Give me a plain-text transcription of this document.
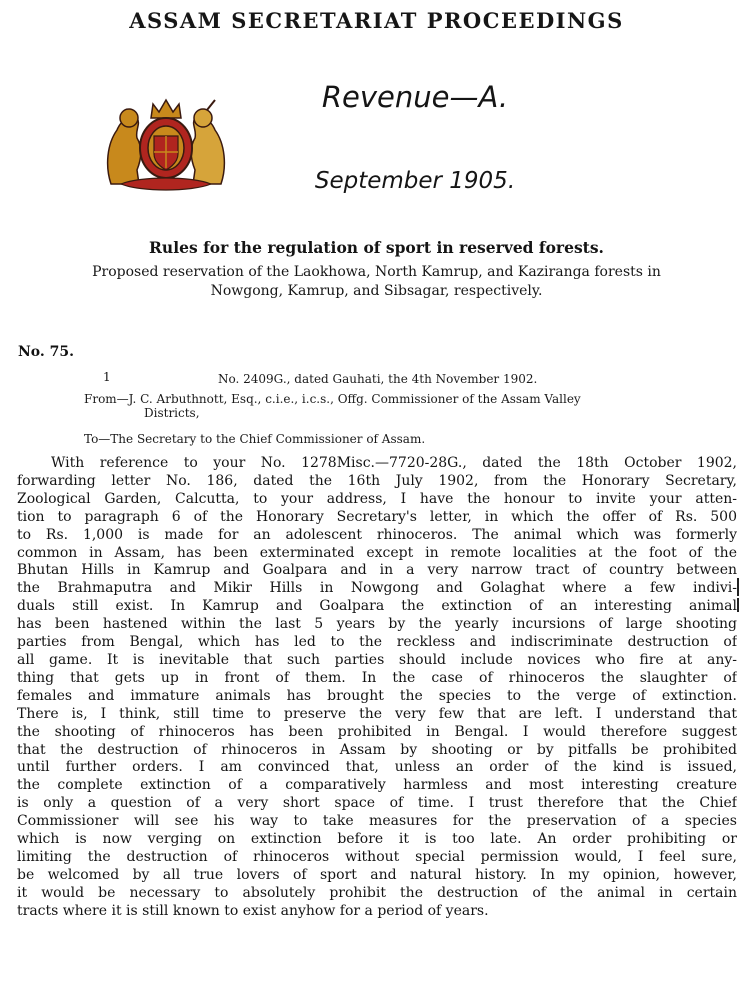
ASSAM SECRETARIAT PROCEEDINGS
Revenue—A.
September 1905.
Rules for the regulation of sport in reserved forests.
Proposed reservation of the Laokhowa, North Kamrup, and Kaziranga forests in
Nowgong, Kamrup, and Sibsagar, respectively.
No. 75.
1	No. 2409G., dated Gauhati, the 4th November 1902.
From—J. C. Arbuthnott, Esq., c.i.e., i.c.s., Offg. Commissioner of the Assam Valley
Districts,
To—The Secretary to the Chief Commissioner of Assam.
With reference to your No. 1278Misc.—7720-28G., dated the 18th October 1902,
forwarding letter No. 186, dated the 16th July 1902, from the Honorary Secretary,
Zoological Garden, Calcutta, to your address, I have the honour to invite your atten-
tion to paragraph 6 of the Honorary Secretary's letter, in which the offer of Rs. 500
to Rs. 1,000 is made for an adolescent rhinoceros. The animal which was formerly
common in Assam, has been exterminated except in remote localities at the foot of the
Bhutan Hills in Kamrup and Goalpara and in a very narrow tract of country between
the Brahmaputra and Mikir Hills in Nowgong and Golaghat where a few indivi-
duals still exist. In Kamrup and Goalpara the extinction of an interesting animal
has been hastened within the last 5 years by the yearly incursions of large shooting
parties from Bengal, which has led to the reckless and indiscriminate destruction of
all game. It is inevitable that such parties should include novices who fire at any-
thing that gets up in front of them. In the case of rhinoceros the slaughter of
females and immature animals has brought the species to the verge of extinction.
There is, I think, still time to preserve the very few that are left. I understand that
the shooting of rhinoceros has been prohibited in Bengal. I would therefore suggest
that the destruction of rhinoceros in Assam by shooting or by pitfalls be prohibited
until further orders. I am convinced that, unless an order of the kind is issued,
the complete extinction of a comparatively harmless and most interesting creature
is only a question of a very short space of time. I trust therefore that the Chief
Commissioner will see his way to take measures for the preservation of a species
which is now verging on extinction before it is too late. An order prohibiting or
limiting the destruction of rhinoceros without special permission would, I feel sure,
be welcomed by all true lovers of sport and natural history. In my opinion, however,
it would be necessary to absolutely prohibit the destruction of the animal in certain
tracts where it is still known to exist anyhow for a period of years.
